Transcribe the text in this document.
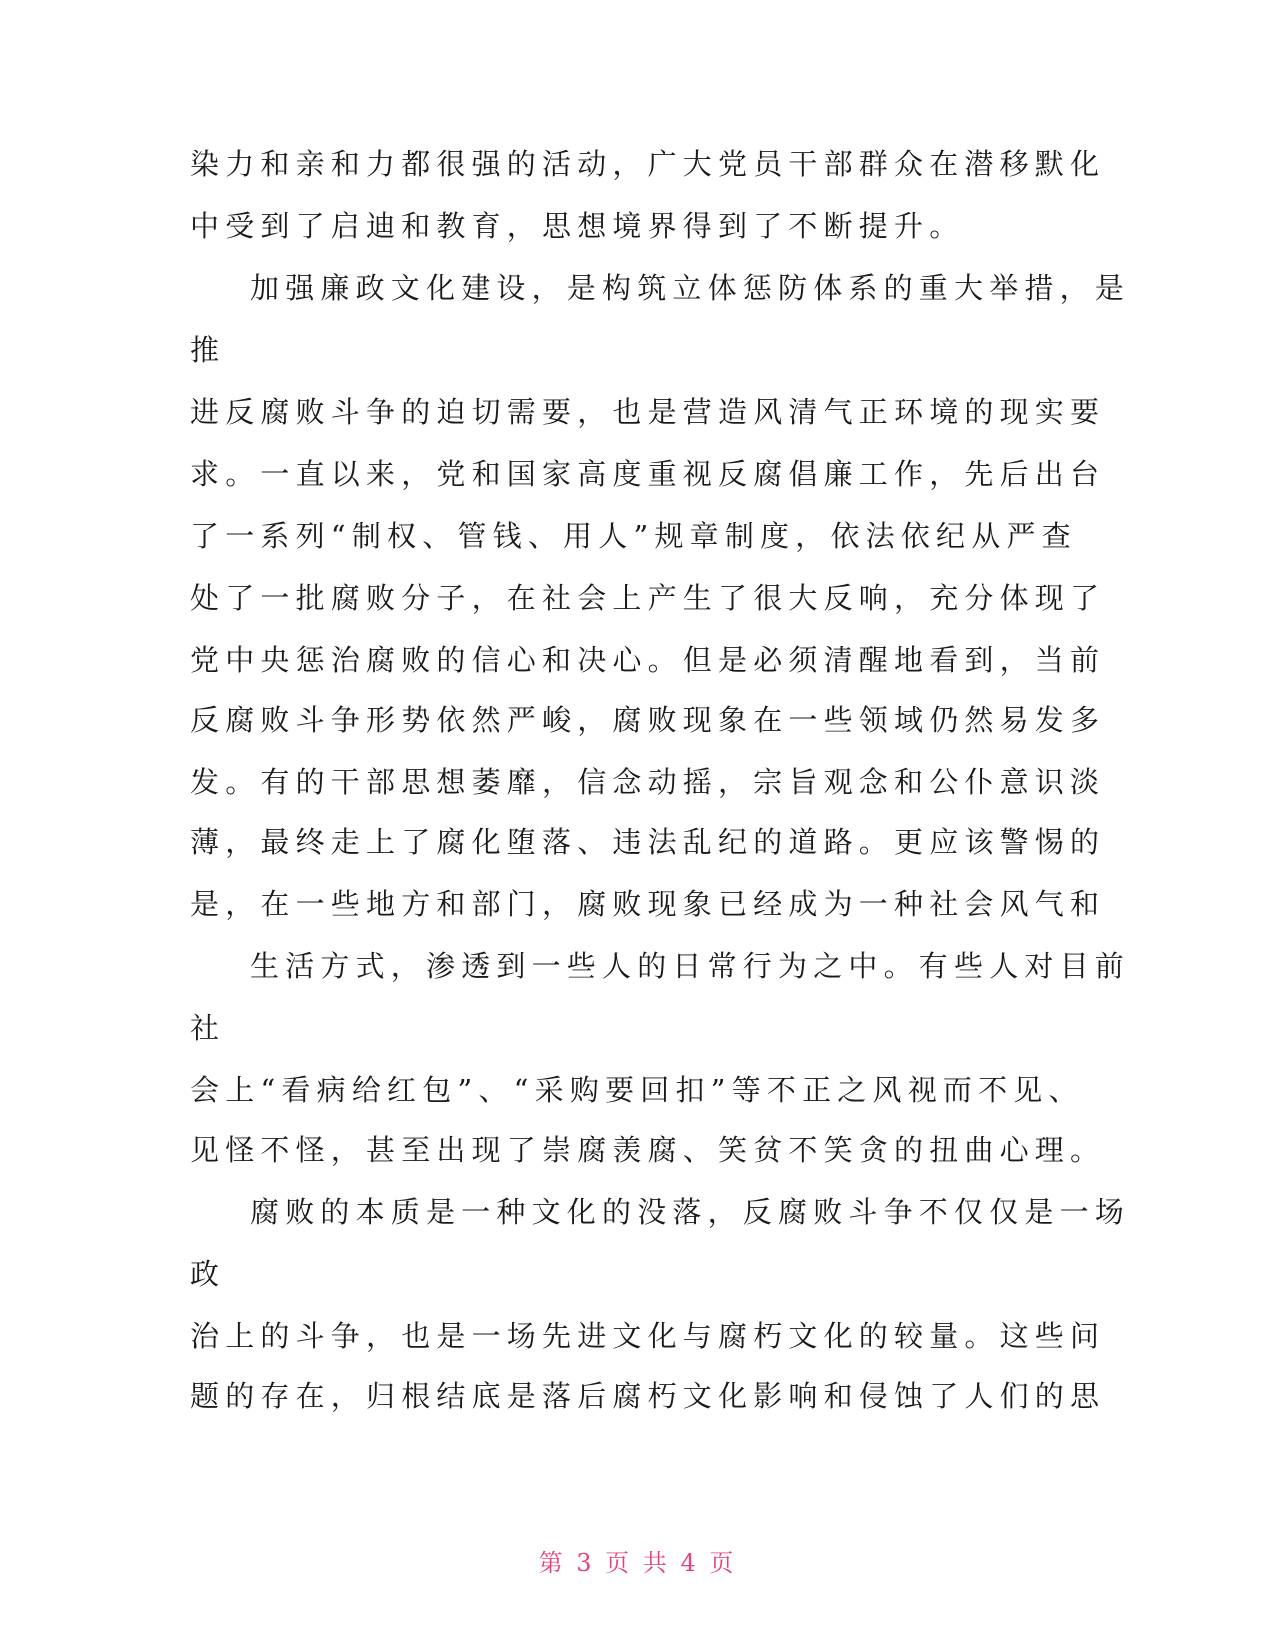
染力和亲和力都很强的活动，广大党员干部群众在潜移默化
中受到了启迪和教育，思想境界得到了不断提升。
加强廉政文化建设，是构筑立体惩防体系的重大举措，是
推
进反腐败斗争的迫切需要，也是营造风清气正环境的现实要
求。一直以来，党和国家高度重视反腐倡廉工作，先后出台
了一系列“制权、管钱、用人”规章制度，依法依纪从严查
处了一批腐败分子，在社会上产生了很大反响，充分体现了
党中央惩治腐败的信心和决心。但是必须清醒地看到，当前
反腐败斗争形势依然严峻，腐败现象在一些领域仍然易发多
发。有的干部思想萎靡，信念动摇，宗旨观念和公仆意识淡
薄，最终走上了腐化堕落、违法乱纪的道路。更应该警惕的
是，在一些地方和部门，腐败现象已经成为一种社会风气和
生活方式，渗透到一些人的日常行为之中。有些人对目前
社
会上“看病给红包”、“采购要回扣”等不正之风视而不见、
见怪不怪，甚至出现了崇腐羡腐、笑贫不笑贪的扭曲心理。
腐败的本质是一种文化的没落，反腐败斗争不仅仅是一场
政
治上的斗争，也是一场先进文化与腐朽文化的较量。这些问
题的存在，归根结底是落后腐朽文化影响和侵蚀了人们的思
第 3 页 共 4 页
